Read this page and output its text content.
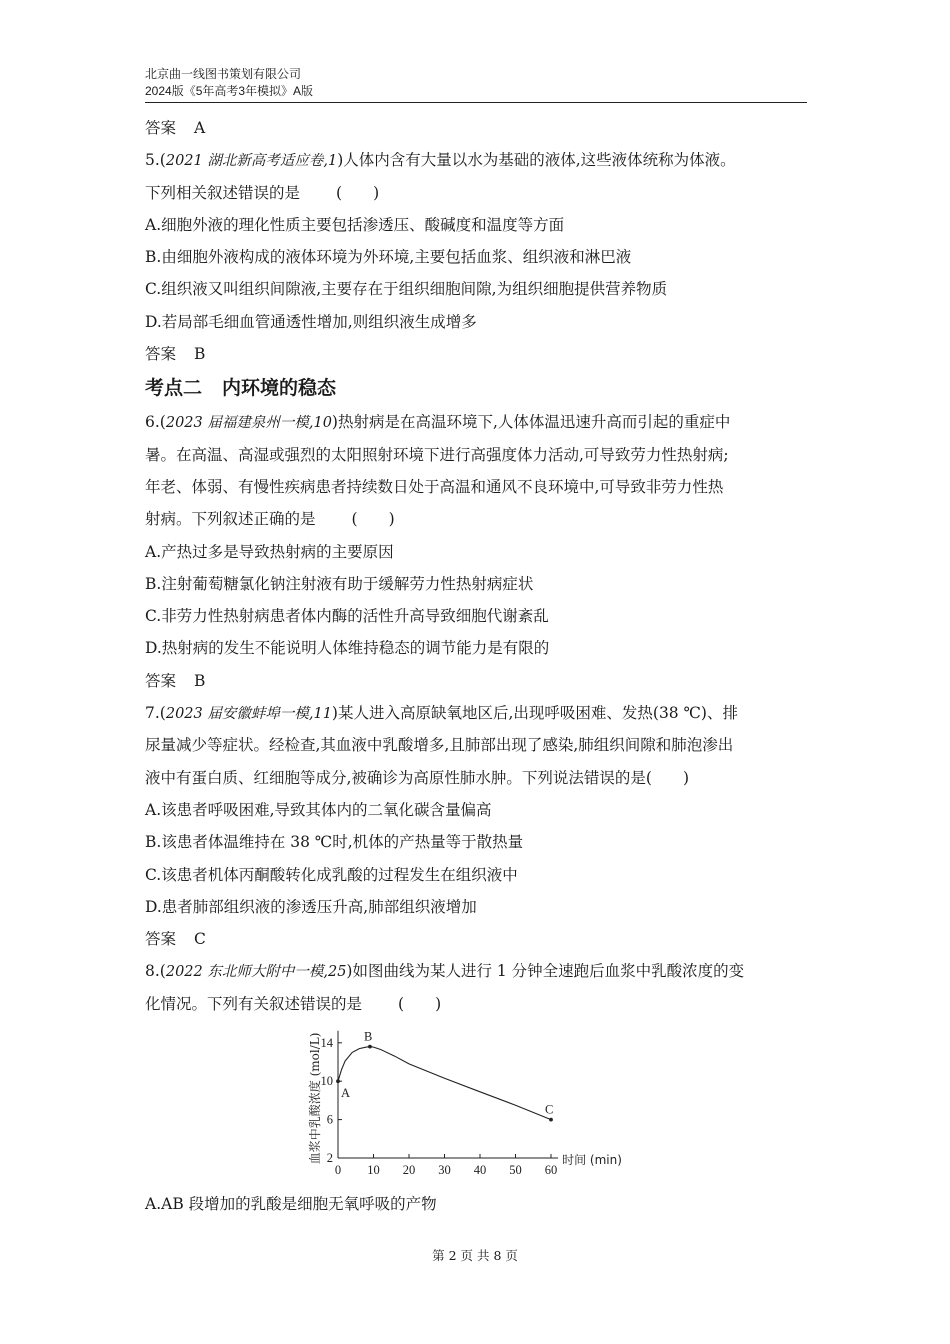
北京曲一线图书策划有限公司
2024版《5年高考3年模拟》A版
答案 A
5.(2021 湖北新高考适应卷,1)人体内含有大量以水为基础的液体,这些液体统称为体液。
下列相关叙述错误的是 (　　)
A.细胞外液的理化性质主要包括渗透压、酸碱度和温度等方面
B.由细胞外液构成的液体环境为外环境,主要包括血浆、组织液和淋巴液
C.组织液又叫组织间隙液,主要存在于组织细胞间隙,为组织细胞提供营养物质
D.若局部毛细血管通透性增加,则组织液生成增多
答案 B
考点二 内环境的稳态
6.(2023 届福建泉州一模,10)热射病是在高温环境下,人体体温迅速升高而引起的重症中
暑。在高温、高湿或强烈的太阳照射环境下进行高强度体力活动,可导致劳力性热射病;
年老、体弱、有慢性疾病患者持续数日处于高温和通风不良环境中,可导致非劳力性热
射病。下列叙述正确的是 (　　)
A.产热过多是导致热射病的主要原因
B.注射葡萄糖氯化钠注射液有助于缓解劳力性热射病症状
C.非劳力性热射病患者体内酶的活性升高导致细胞代谢紊乱
D.热射病的发生不能说明人体维持稳态的调节能力是有限的
答案 B
7.(2023 届安徽蚌埠一模,11)某人进入高原缺氧地区后,出现呼吸困难、发热(38 ℃)、排
尿量减少等症状。经检查,其血液中乳酸增多,且肺部出现了感染,肺组织间隙和肺泡渗出
液中有蛋白质、红细胞等成分,被确诊为高原性肺水肿。下列说法错误的是(　　)
A.该患者呼吸困难,导致其体内的二氧化碳含量偏高
B.该患者体温维持在 38 ℃时,机体的产热量等于散热量
C.该患者机体丙酮酸转化成乳酸的过程发生在组织液中
D.患者肺部组织液的渗透压升高,肺部组织液增加
答案 C
8.(2022 东北师大附中一模,25)如图曲线为某人进行 1 分钟全速跑后血浆中乳酸浓度的变
化情况。下列有关叙述错误的是 (　　)
0 10 20 30 40 50 60
2
6
10
14
时间 (min)
血浆中乳酸浓度 (mol/L) A
B
C
A.AB 段增加的乳酸是细胞无氧呼吸的产物
第 2 页 共 8 页
